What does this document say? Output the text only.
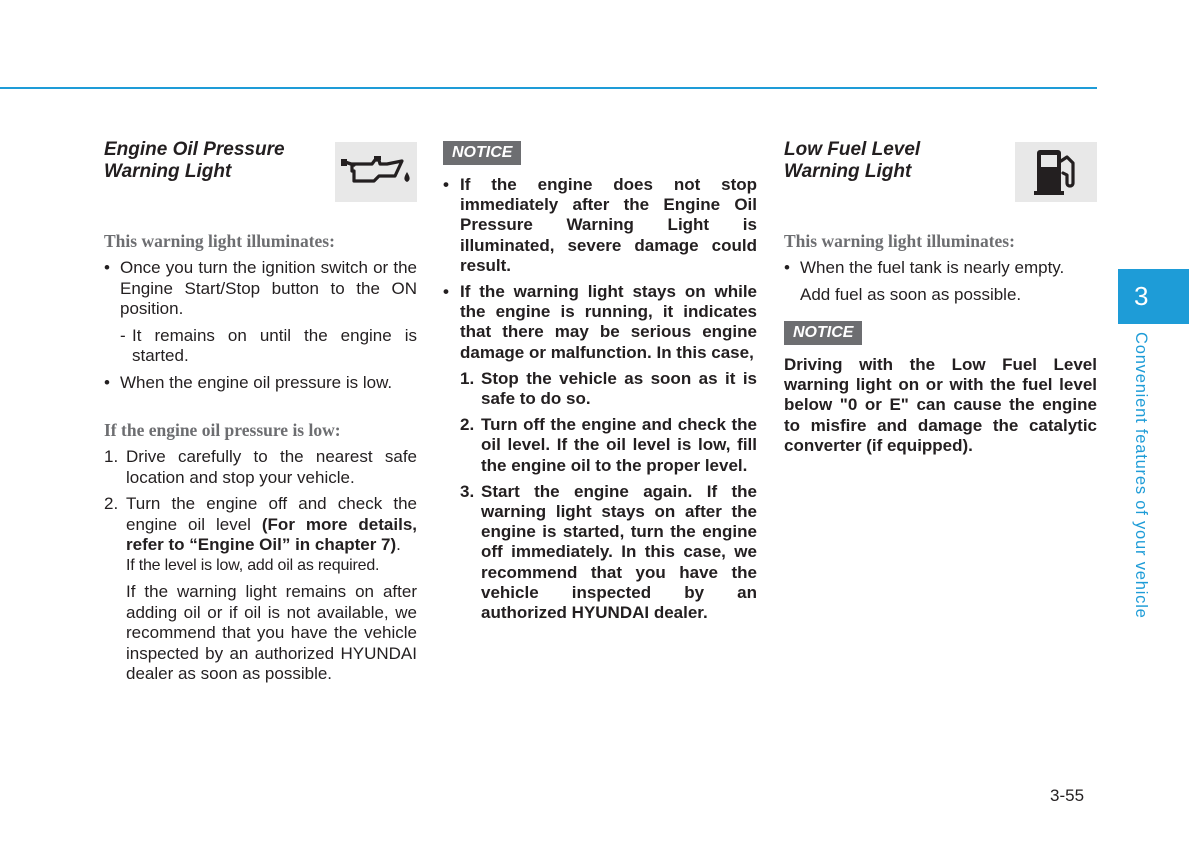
Engine Oil Pressure
Warning Light

This warning light illuminates:

• Once you turn the ignition switch or the Engine Start/Stop button to the ON position.

- It remains on until the engine is started.

• When the engine oil pressure is low.

If the engine oil pressure is low:

1. Drive carefully to the nearest safe location and stop your vehicle.

2. Turn the engine off and check the engine oil level (For more details, refer to “Engine Oil” in chapter 7).
If the level is low, add oil as required.

If the warning light remains on after adding oil or if oil is not available, we recommend that you have the vehicle inspected by an authorized HYUNDAI dealer as soon as possible.

NOTICE

• If the engine does not stop immediately after the Engine Oil Pressure Warning Light is illuminated, severe damage could result.

• If the warning light stays on while the engine is running, it indicates that there may be serious engine damage or malfunction. In this case,

1. Stop the vehicle as soon as it is safe to do so.

2. Turn off the engine and check the oil level. If the oil level is low, fill the engine oil to the proper level.

3. Start the engine again. If the warning light stays on after the engine is started, turn the engine off immediately. In this case, we recommend that you have the vehicle inspected by an authorized HYUNDAI dealer.

Low Fuel Level
Warning Light

This warning light illuminates:

• When the fuel tank is nearly empty.
Add fuel as soon as possible.

NOTICE

Driving with the Low Fuel Level warning light on or with the fuel level below "0 or E" can cause the engine to misfire and damage the catalytic converter (if equipped).

3
Convenient features of your vehicle
3-55
